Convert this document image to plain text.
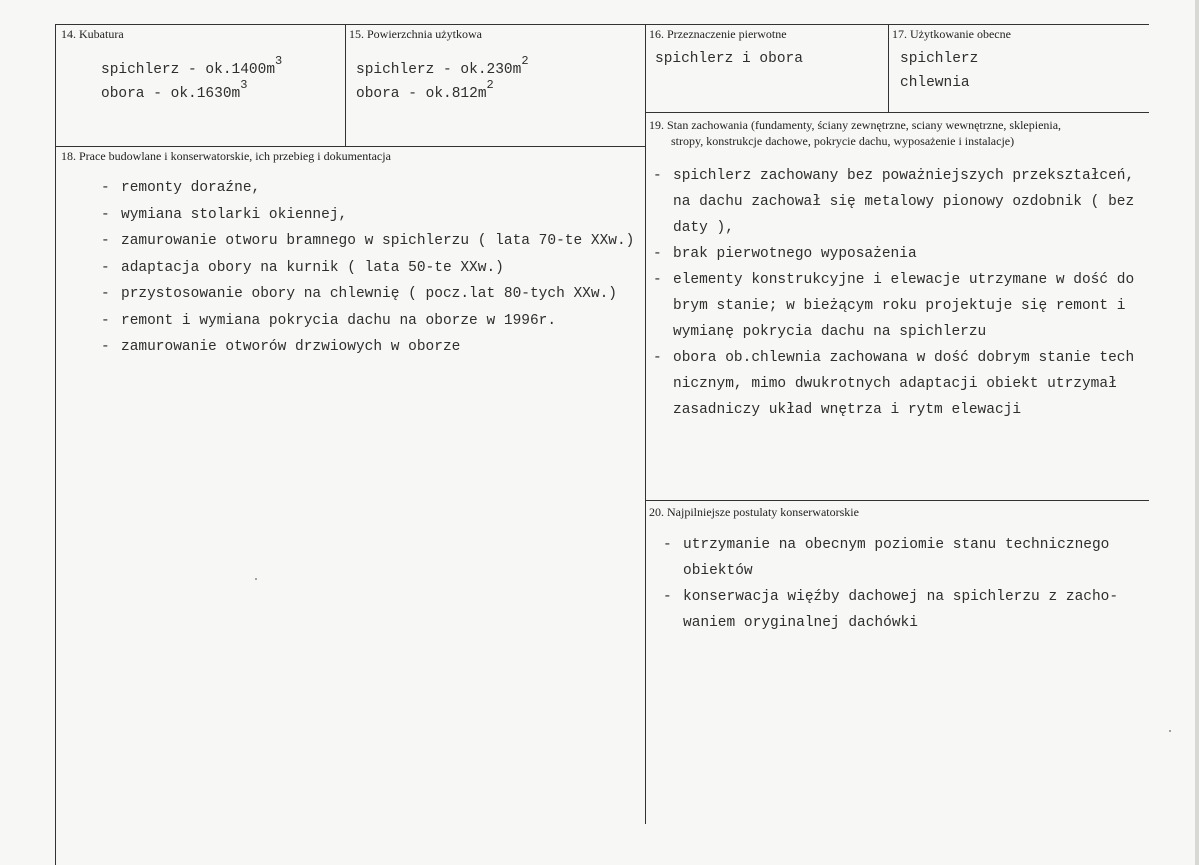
14. Kubatura
spichlerz - $ok.1400m^3$
obora - $ok.1630m^3$
15. Powierzchnia użytkowa
spichlerz - $ok.230m^2$
obora - $ok.812m^2$
16. Przeznaczenie pierwotne
spichlerz i obora
17. Użytkowanie obecne
spichlerz
chlewnia
18. Prace budowlane i konserwatorskie, ich przebieg i dokumentacja
- remonty doraźne,
- wymiana stolarki okiennej,
- zamurowanie otworu bramnego w spichlerzu ( lata 70-te XXw.)
- adaptacja obory na kurnik ( lata 50-te XXw.)
- przystosowanie obory na chlewnię ( pocz.lat 80-tych XXw.)
- remont i wymiana pokrycia dachu na oborze w 1996r.
- zamurowanie otworów drzwiowych w oborze
19. Stan zachowania (fundamenty, ściany zewnętrzne, sciany wewnętrzne, sklepienia,
stropy, konstrukcje dachowe, pokrycie dachu, wyposażenie i instalacje)
- spichlerz zachowany bez poważniejszych przekształceń,
na dachu zachował się metalowy pionowy ozdobnik ( bez
daty ),
- brak pierwotnego wyposażenia
- elementy konstrukcyjne i elewacje utrzymane w dość do
brym stanie; w bieżącym roku projektuje się remont i
wymianę pokrycia dachu na spichlerzu
- obora ob.chlewnia zachowana w dość dobrym stanie tech
nicznym, mimo dwukrotnych adaptacji obiekt utrzymał
zasadniczy układ wnętrza i rytm elewacji
20. Najpilniejsze postulaty konserwatorskie
- utrzymanie na obecnym poziomie stanu technicznego
obiektów
- konserwacja więźby dachowej na spichlerzu z zacho-
waniem oryginalnej dachówki
